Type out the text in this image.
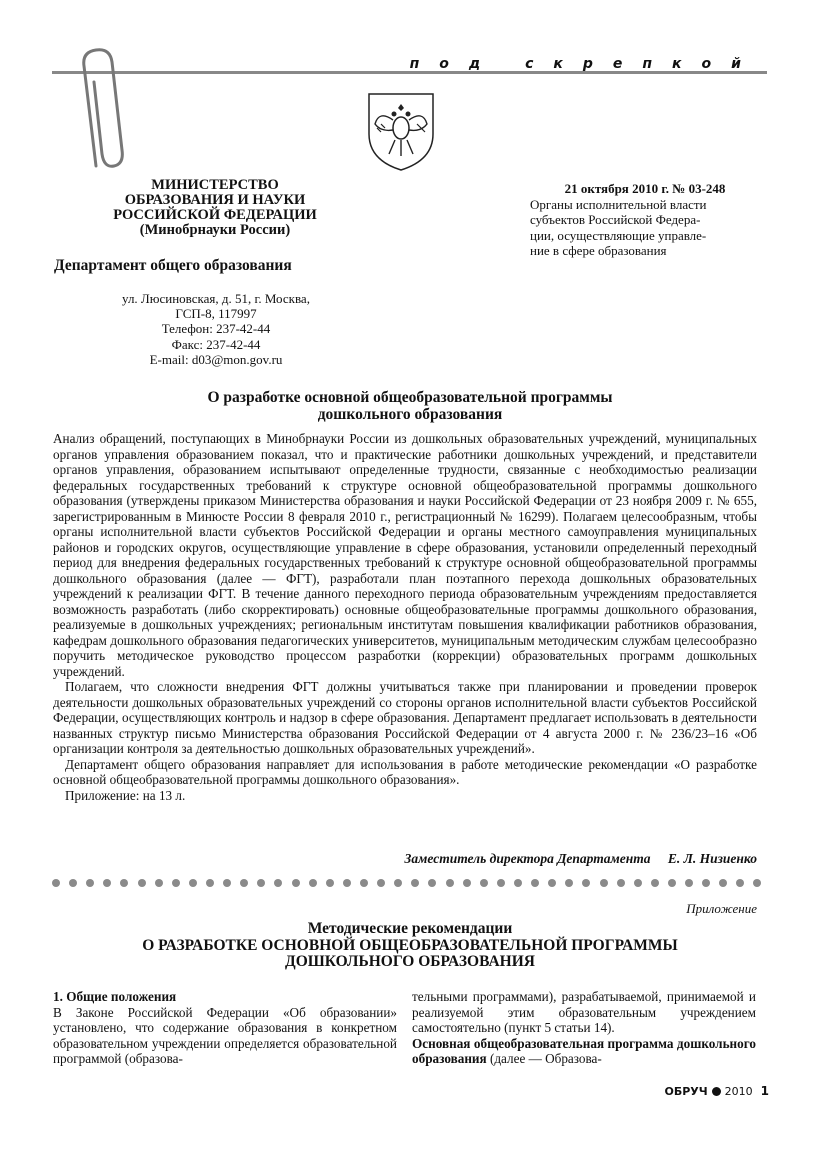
под скрепкой
МИНИСТЕРСТВО
ОБРАЗОВАНИЯ И НАУКИ
РОССИЙСКОЙ ФЕДЕРАЦИИ
(Минобрнауки России)
Департамент общего образования
ул. Люсиновская, д. 51, г. Москва,
ГСП-8, 117997
Телефон: 237-42-44
Факс: 237-42-44
E-mail: d03@mon.gov.ru
21 октября 2010 г. № 03-248
Органы исполнительной власти
субъектов Российской Федера-
ции, осуществляющие управле-
ние в сфере образования
О разработке основной общеобразовательной программы
дошкольного образования

Анализ обращений, поступающих в Минобрнауки России из дошкольных образовательных учреждений, муниципальных органов управления образованием показал, что и практические работники дошкольных учреждений, и представители органов управления, образованием испытывают определенные трудности, связанные с необходимостью реализации федеральных государственных требований к структуре основной общеобразовательной программы дошкольного образования (утверждены приказом Министерства образования и науки Российской Федерации от 23 ноября 2009 г. № 655, зарегистрированным в Минюсте России 8 февраля 2010 г., регистрационный № 16299). Полагаем целесообразным, чтобы органы исполнительной власти субъектов Российской Федерации и органы местного самоуправления муниципальных районов и городских округов, осуществляющие управление в сфере образования, установили определенный переходный период для внедрения федеральных государственных требований к структуре основной общеобразовательной программы дошкольного образования (далее — ФГТ), разработали план поэтапного перехода дошкольных образовательных учреждений к реализации ФГТ. В течение данного переходного периода образовательным учреждениям предоставляется возможность разработать (либо скорректировать) основные общеобразовательные программы дошкольного образования, реализуемые в дошкольных учреждениях; региональным институтам повышения квалификации работников образования, кафедрам дошкольного образования педагогических университетов, муниципальным методическим службам целесообразно поручить методическое руководство процессом разработки (коррекции) образовательных программ дошкольных учреждений.

Полагаем, что сложности внедрения ФГТ должны учитываться также при планировании и проведении проверок деятельности дошкольных образовательных учреждений со стороны органов исполнительной власти субъектов Российской Федерации, осуществляющих контроль и надзор в сфере образования. Департамент предлагает использовать в деятельности названных структур письмо Министерства образования Российской Федерации от 4 августа 2000 г. № 236/23–16 «Об организации контроля за деятельностью дошкольных образовательных учреждений».

Департамент общего образования направляет для использования в работе методические рекомендации «О разработке основной общеобразовательной программы дошкольного образования».

Приложение: на 13 л.

Заместитель директора Департамента Е. Л. Низиенко
Приложение
Методические рекомендации
О РАЗРАБОТКЕ ОСНОВНОЙ ОБЩЕОБРАЗОВАТЕЛЬНОЙ ПРОГРАММЫ
ДОШКОЛЬНОГО ОБРАЗОВАНИЯ
1. Общие положения
В Законе Российской Федерации «Об образовании» установлено, что содержание образования в конкретном образовательном учреждении определяется образовательной программой (образова-
тельными программами), разрабатываемой, принимаемой и реализуемой этим образовательным учреждением самостоятельно (пункт 5 статьи 14).
Основная общеобразовательная программа дошкольного образования (далее — Образова-
ОБРУЧ 2010 1
